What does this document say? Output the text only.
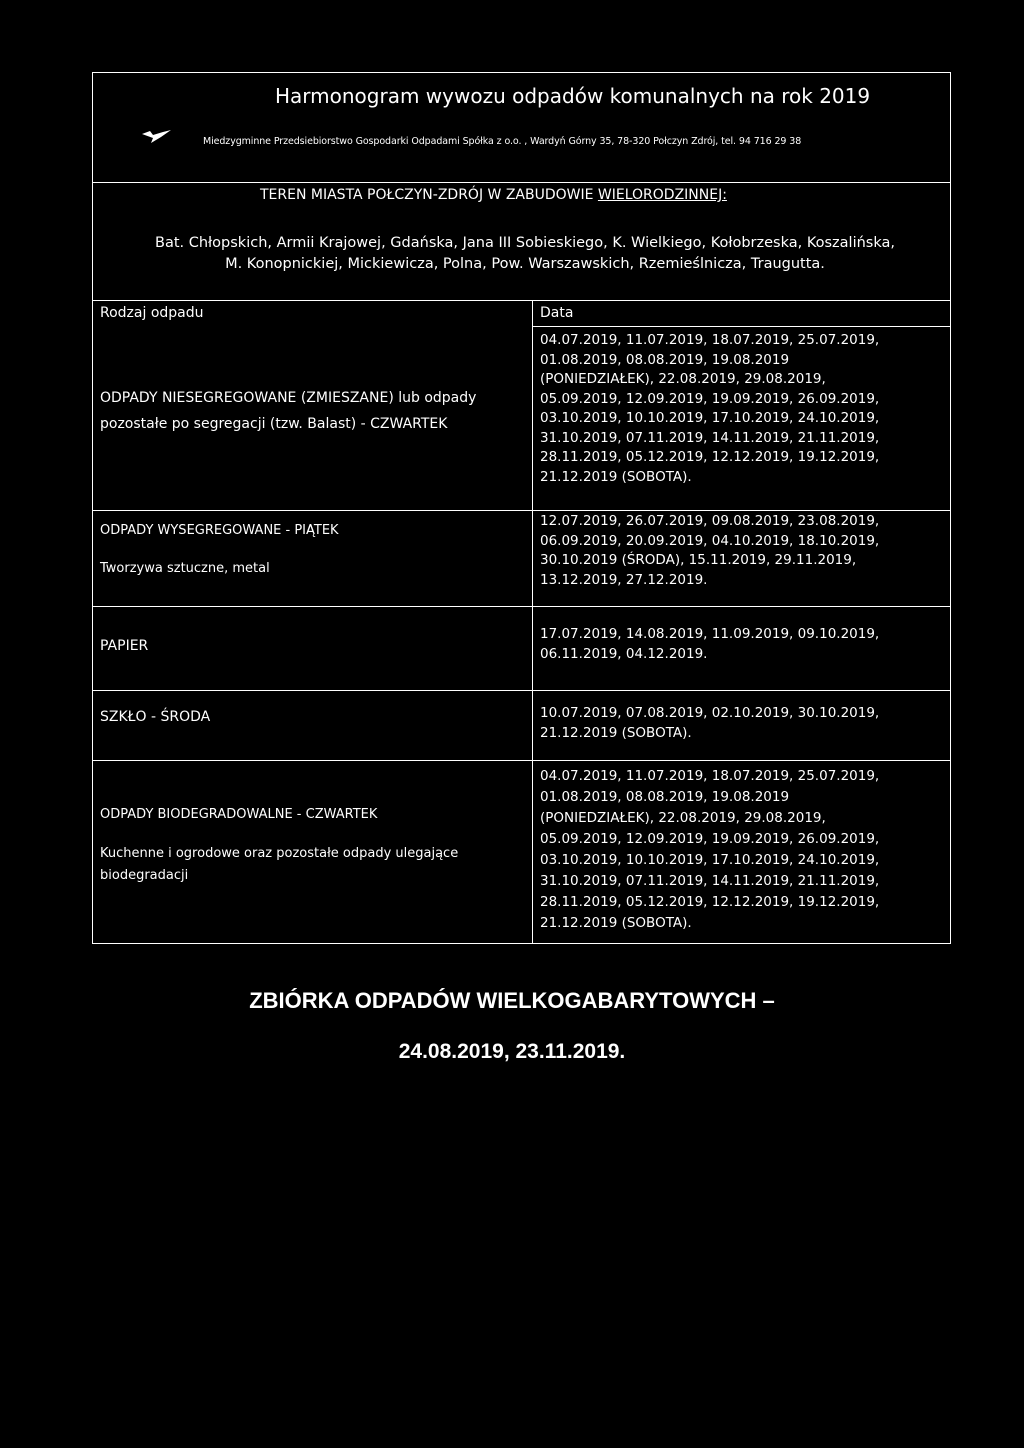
Harmonogram wywozu odpadów komunalnych na rok 2019
Miedzygminne Przedsiebiorstwo Gospodarki Odpadami Spółka z o.o. , Wardyń Górny 35, 78-320 Połczyn Zdrój, tel. 94 716 29 38
TEREN MIASTA POŁCZYN-ZDRÓJ W ZABUDOWIE WIELORODZINNEJ:
Bat. Chłopskich, Armii Krajowej, Gdańska, Jana III Sobieskiego, K. Wielkiego, Kołobrzeska, Koszalińska,
M. Konopnickiej, Mickiewicza, Polna, Pow. Warszawskich, Rzemieślnicza, Traugutta.
Rodzaj odpadu	Data
ODPADY NIESEGREGOWANE (ZMIESZANE) lub odpady
pozostałe po segregacji (tzw. Balast) - CZWARTEK
04.07.2019, 11.07.2019, 18.07.2019, 25.07.2019,
01.08.2019, 08.08.2019, 19.08.2019
(PONIEDZIAŁEK), 22.08.2019, 29.08.2019,
05.09.2019, 12.09.2019, 19.09.2019, 26.09.2019,
03.10.2019, 10.10.2019, 17.10.2019, 24.10.2019,
31.10.2019, 07.11.2019, 14.11.2019, 21.11.2019,
28.11.2019, 05.12.2019, 12.12.2019, 19.12.2019,
21.12.2019 (SOBOTA).
ODPADY WYSEGREGOWANE - PIĄTEK
Tworzywa sztuczne, metal
12.07.2019, 26.07.2019, 09.08.2019, 23.08.2019,
06.09.2019, 20.09.2019, 04.10.2019, 18.10.2019,
30.10.2019 (ŚRODA), 15.11.2019, 29.11.2019,
13.12.2019, 27.12.2019.
PAPIER
17.07.2019, 14.08.2019, 11.09.2019, 09.10.2019,
06.11.2019, 04.12.2019.
SZKŁO - ŚRODA	10.07.2019, 07.08.2019, 02.10.2019, 30.10.2019,
21.12.2019 (SOBOTA).
ODPADY BIODEGRADOWALNE - CZWARTEK
Kuchenne i ogrodowe oraz pozostałe odpady ulegające
biodegradacji
04.07.2019, 11.07.2019, 18.07.2019, 25.07.2019,
01.08.2019, 08.08.2019, 19.08.2019
(PONIEDZIAŁEK), 22.08.2019, 29.08.2019,
05.09.2019, 12.09.2019, 19.09.2019, 26.09.2019,
03.10.2019, 10.10.2019, 17.10.2019, 24.10.2019,
31.10.2019, 07.11.2019, 14.11.2019, 21.11.2019,
28.11.2019, 05.12.2019, 12.12.2019, 19.12.2019,
21.12.2019 (SOBOTA).
ZBIÓRKA ODPADÓW WIELKOGABARYTOWYCH –
24.08.2019, 23.11.2019.
